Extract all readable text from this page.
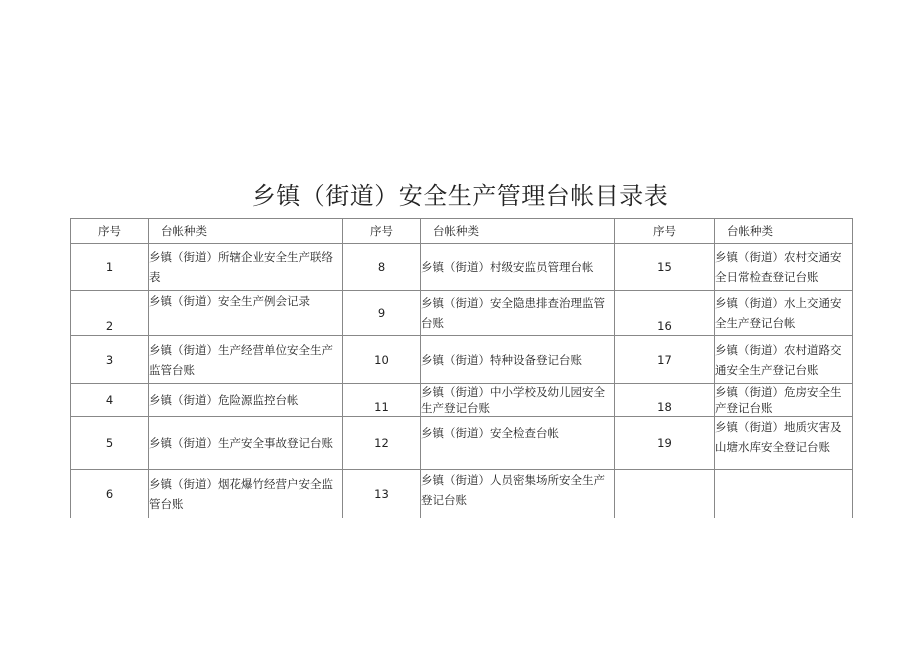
乡镇（街道）安全生产管理台帐目录表
序号	台帐种类	序号	台帐种类	序号	台帐种类
1	乡镇（街道）所辖企业安全生产联络表	8	乡镇（街道）村级安监员管理台帐	15	乡镇（街道）农村交通安全日常检查登记台账
2	乡镇（街道）安全生产例会记录	9	乡镇（街道）安全隐患排查治理监管台账	16	乡镇（街道）水上交通安全生产登记台帐
3	乡镇（街道）生产经营单位安全生产监管台账	10	乡镇（街道）特种设备登记台账	17	乡镇（街道）农村道路交通安全生产登记台账
4	乡镇（街道）危险源监控台帐	11	乡镇（街道）中小学校及幼儿园安全生产登记台账	18	乡镇（街道）危房安全生产登记台账
5	乡镇（街道）生产安全事故登记台账	12	乡镇（街道）安全检查台帐	19	乡镇（街道）地质灾害及山塘水库安全登记台账
6	乡镇（街道）烟花爆竹经营户安全监管台账	13	乡镇（街道）人员密集场所安全生产登记台账		
